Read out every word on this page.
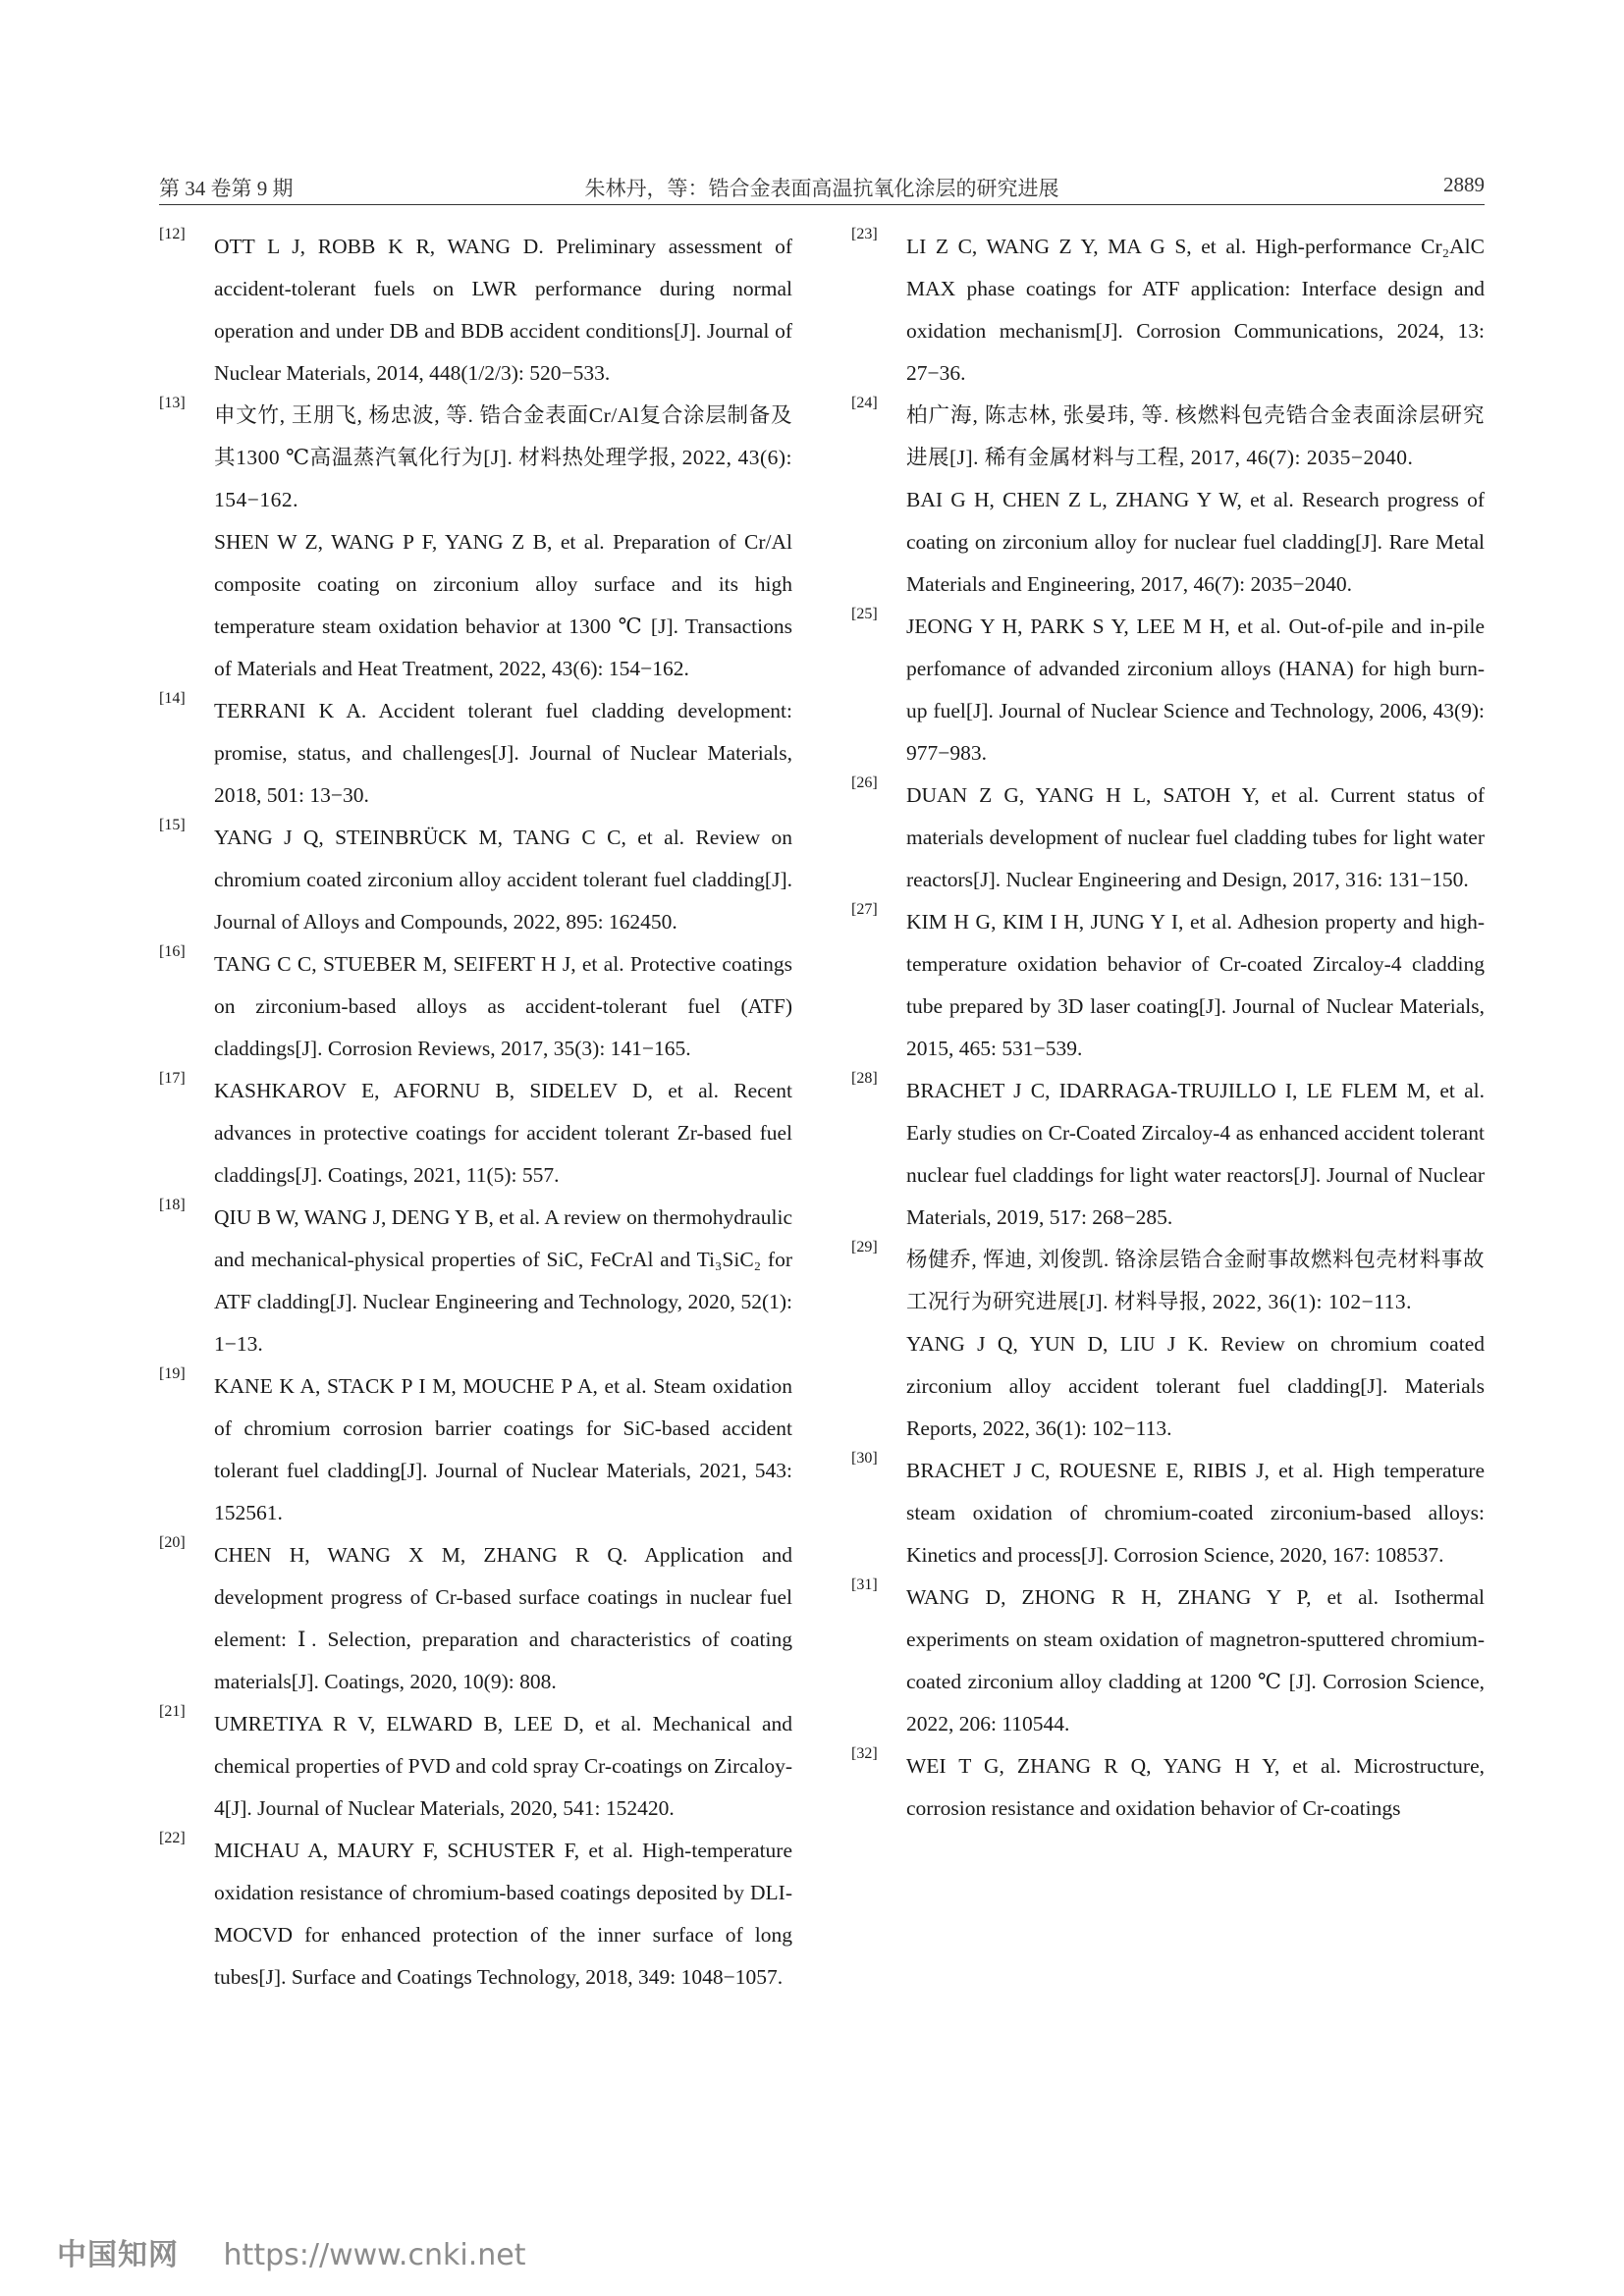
第 34 卷第 9 期	朱林丹，等：锆合金表面高温抗氧化涂层的研究进展	2889
[12]

OTT L J, ROBB K R, WANG D. Preliminary assessment of accident-tolerant fuels on LWR performance during normal operation and under DB and BDB accident conditions[J]. Journal of Nuclear Materials, 2014, 448(1/2/3): 520−533.

[13]

申文竹, 王朋飞, 杨忠波, 等. 锆合金表面Cr/Al复合涂层制备及其1300 ℃高温蒸汽氧化行为[J]. 材料热处理学报, 2022, 43(6): 154−162.

SHEN W Z, WANG P F, YANG Z B, et al. Preparation of Cr/Al composite coating on zirconium alloy surface and its high temperature steam oxidation behavior at 1300 ℃ [J]. Transactions of Materials and Heat Treatment, 2022, 43(6): 154−162.

[14]

TERRANI K A. Accident tolerant fuel cladding development: promise, status, and challenges[J]. Journal of Nuclear Materials, 2018, 501: 13−30.

[15]

YANG J Q, STEINBRÜCK M, TANG C C, et al. Review on chromium coated zirconium alloy accident tolerant fuel cladding[J]. Journal of Alloys and Compounds, 2022, 895: 162450.

[16]

TANG C C, STUEBER M, SEIFERT H J, et al. Protective coatings on zirconium-based alloys as accident-tolerant fuel (ATF) claddings[J]. Corrosion Reviews, 2017, 35(3): 141−165.

[17]

KASHKAROV E, AFORNU B, SIDELEV D, et al. Recent advances in protective coatings for accident tolerant Zr-based fuel claddings[J]. Coatings, 2021, 11(5): 557.

[18]

QIU B W, WANG J, DENG Y B, et al. A review on thermohydraulic and mechanical-physical properties of SiC, FeCrAl and Ti₃SiC₂ for ATF cladding[J]. Nuclear Engineering and Technology, 2020, 52(1): 1−13.

[19]

KANE K A, STACK P I M, MOUCHE P A, et al. Steam oxidation of chromium corrosion barrier coatings for SiC-based accident tolerant fuel cladding[J]. Journal of Nuclear Materials, 2021, 543: 152561.

[20]

CHEN H, WANG X M, ZHANG R Q. Application and development progress of Cr-based surface coatings in nuclear fuel element: Ⅰ. Selection, preparation and characteristics of coating materials[J]. Coatings, 2020, 10(9): 808.

[21]

UMRETIYA R V, ELWARD B, LEE D, et al. Mechanical and chemical properties of PVD and cold spray Cr-coatings on Zircaloy-4[J]. Journal of Nuclear Materials, 2020, 541: 152420.

[22]

MICHAU A, MAURY F, SCHUSTER F, et al. High-temperature oxidation resistance of chromium-based coatings deposited by DLI-MOCVD for enhanced protection of the inner surface of long tubes[J]. Surface and Coatings Technology, 2018, 349: 1048−1057.

[23]

LI Z C, WANG Z Y, MA G S, et al. High-performance Cr₂AlC MAX phase coatings for ATF application: Interface design and oxidation mechanism[J]. Corrosion Communications, 2024, 13: 27−36.

[24]

柏广海, 陈志林, 张晏玮, 等. 核燃料包壳锆合金表面涂层研究进展[J]. 稀有金属材料与工程, 2017, 46(7): 2035−2040.

BAI G H, CHEN Z L, ZHANG Y W, et al. Research progress of coating on zirconium alloy for nuclear fuel cladding[J]. Rare Metal Materials and Engineering, 2017, 46(7): 2035−2040.

[25]

JEONG Y H, PARK S Y, LEE M H, et al. Out-of-pile and in-pile perfomance of advanded zirconium alloys (HANA) for high burn-up fuel[J]. Journal of Nuclear Science and Technology, 2006, 43(9): 977−983.

[26]

DUAN Z G, YANG H L, SATOH Y, et al. Current status of materials development of nuclear fuel cladding tubes for light water reactors[J]. Nuclear Engineering and Design, 2017, 316: 131−150.

[27]

KIM H G, KIM I H, JUNG Y I, et al. Adhesion property and high-temperature oxidation behavior of Cr-coated Zircaloy-4 cladding tube prepared by 3D laser coating[J]. Journal of Nuclear Materials, 2015, 465: 531−539.

[28]

BRACHET J C, IDARRAGA-TRUJILLO I, LE FLEM M, et al. Early studies on Cr-Coated Zircaloy-4 as enhanced accident tolerant nuclear fuel claddings for light water reactors[J]. Journal of Nuclear Materials, 2019, 517: 268−285.

[29]

杨健乔, 恽迪, 刘俊凯. 铬涂层锆合金耐事故燃料包壳材料事故工况行为研究进展[J]. 材料导报, 2022, 36(1): 102−113.

YANG J Q, YUN D, LIU J K. Review on chromium coated zirconium alloy accident tolerant fuel cladding[J]. Materials Reports, 2022, 36(1): 102−113.

[30]

BRACHET J C, ROUESNE E, RIBIS J, et al. High temperature steam oxidation of chromium-coated zirconium-based alloys: Kinetics and process[J]. Corrosion Science, 2020, 167: 108537.

[31]

WANG D, ZHONG R H, ZHANG Y P, et al. Isothermal experiments on steam oxidation of magnetron-sputtered chromium-coated zirconium alloy cladding at 1200 ℃ [J]. Corrosion Science, 2022, 206: 110544.

[32]

WEI T G, ZHANG R Q, YANG H Y, et al. Microstructure, corrosion resistance and oxidation behavior of Cr-coatings

中国知网 https://www.cnki.net
